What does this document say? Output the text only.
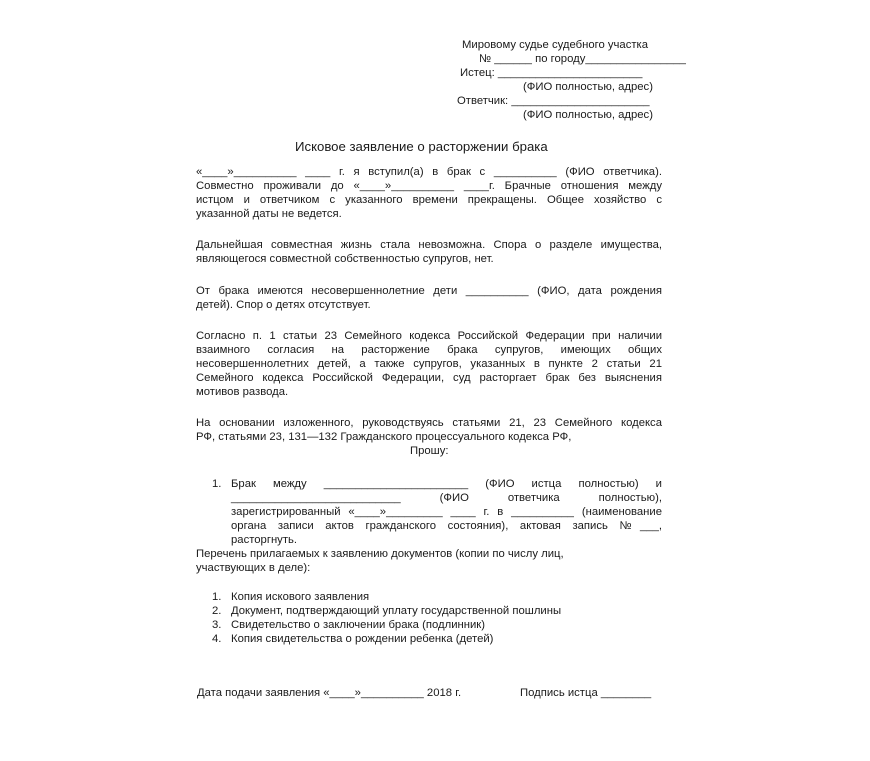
Мировому судье судебного участка
№ ______ по городу________________
Истец: _______________________
(ФИО полностью, адрес)
Ответчик: ______________________
(ФИО полностью, адрес)
Исковое заявление о расторжении брака
«____»__________ ____ г. я вступил(а) в брак с __________ (ФИО ответчика).
Совместно проживали до «____»__________ ____г. Брачные отношения между
истцом и ответчиком с указанного времени прекращены. Общее хозяйство с
указанной даты не ведется.
Дальнейшая совместная жизнь стала невозможна. Спора о разделе имущества,
являющегося совместной собственностью супругов, нет.
От брака имеются несовершеннолетние дети __________ (ФИО, дата рождения
детей). Спор о детях отсутствует.
Согласно п. 1 статьи 23 Семейного кодекса Российской Федерации при наличии
взаимного согласия на расторжение брака супругов, имеющих общих
несовершеннолетних детей, а также супругов, указанных в пункте 2 статьи 21
Семейного кодекса Российской Федерации, суд расторгает брак без выяснения
мотивов развода.
На основании изложенного, руководствуясь статьями 21, 23 Семейного кодекса
РФ, статьями 23, 131—132 Гражданского процессуального кодекса РФ,
Прошу:
1. Брак между _______________________ (ФИО истца полностью) и
___________________________ (ФИО ответчика полностью),
зарегистрированный «____»_________ ____ г. в __________ (наименование
органа записи актов гражданского состояния), актовая запись №___,
расторгнуть.
Перечень прилагаемых к заявлению документов (копии по числу лиц,
участвующих в деле):
1. Копия искового заявления
2. Документ, подтверждающий уплату государственной пошлины
3. Свидетельство о заключении брака (подлинник)
4. Копия свидетельства о рождении ребенка (детей)
Дата подачи заявления «____»__________ 2018 г.	Подпись истца ________
